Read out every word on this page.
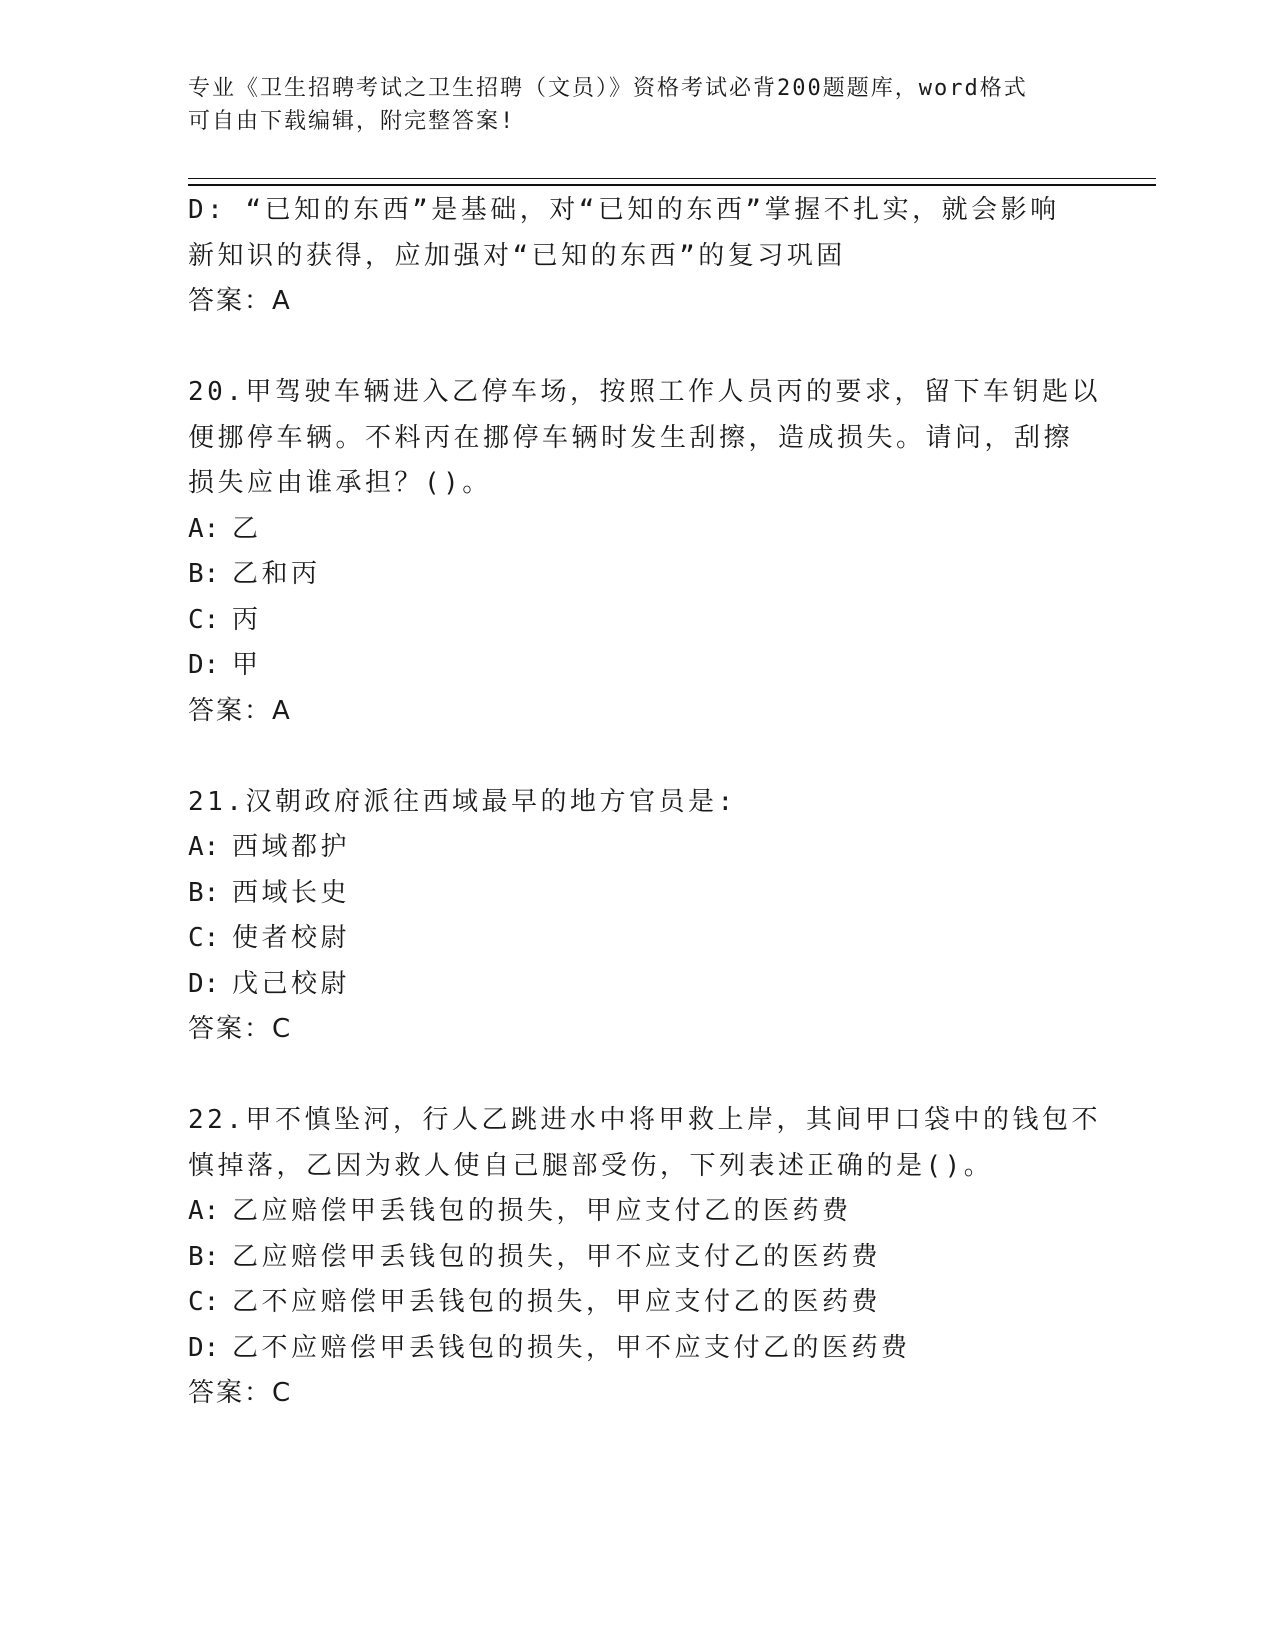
专业《卫生招聘考试之卫生招聘（文员）》资格考试必背200题题库，word格式
可自由下载编辑，附完整答案!
D: “已知的东西”是基础，对“已知的东西”掌握不扎实，就会影响
新知识的获得，应加强对“已知的东西”的复习巩固
答案：A
20.甲驾驶车辆进入乙停车场，按照工作人员丙的要求，留下车钥匙以
便挪停车辆。不料丙在挪停车辆时发生刮擦，造成损失。请问，刮擦
损失应由谁承担？()。
A: 乙
B: 乙和丙
C: 丙
D: 甲
答案：A
21.汉朝政府派往西域最早的地方官员是:
A: 西域都护
B: 西域长史
C: 使者校尉
D: 戊己校尉
答案：C
22.甲不慎坠河，行人乙跳进水中将甲救上岸，其间甲口袋中的钱包不
慎掉落，乙因为救人使自己腿部受伤，下列表述正确的是()。
A: 乙应赔偿甲丢钱包的损失，甲应支付乙的医药费
B: 乙应赔偿甲丢钱包的损失，甲不应支付乙的医药费
C: 乙不应赔偿甲丢钱包的损失，甲应支付乙的医药费
D: 乙不应赔偿甲丢钱包的损失，甲不应支付乙的医药费
答案：C
